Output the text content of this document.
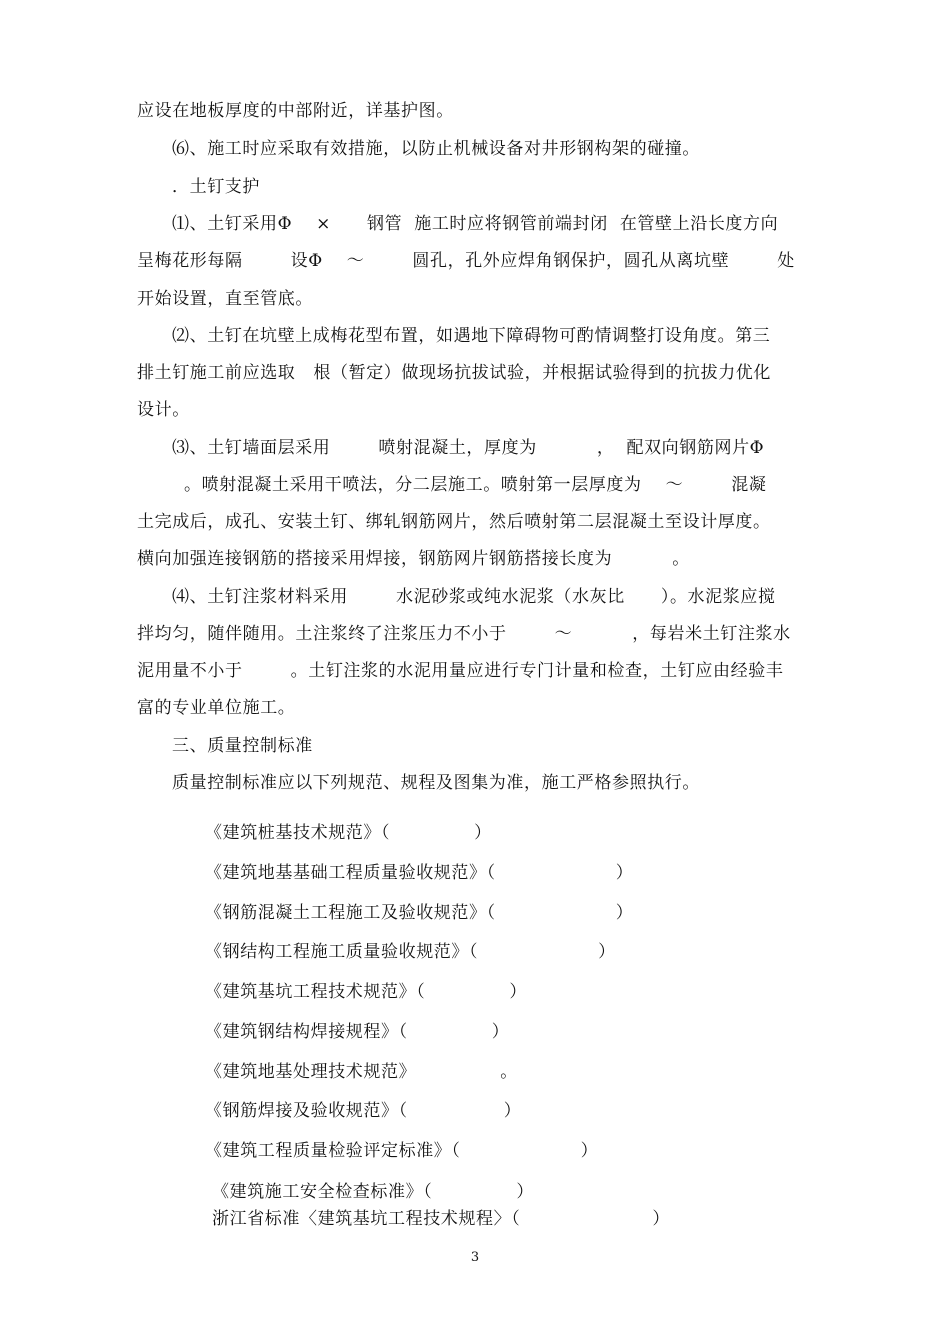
应设在地板厚度的中部附近，详基护图。
⑹、施工时应采取有效措施，以防止机械设备对井形钢构架的碰撞。
．土钉支护
⑴、土钉采用Φ    ×      钢管  施工时应将钢管前端封闭  在管壁上沿长度方向
呈梅花形每隔        设Φ    ～        圆孔，孔外应焊角钢保护，圆孔从离坑壁        处
开始设置，直至管底。
⑵、土钉在坑壁上成梅花型布置，如遇地下障碍物可酌情调整打设角度。第三
排土钉施工前应选取   根（暂定）做现场抗拔试验，并根据试验得到的抗拔力优化
设计。
⑶、土钉墙面层采用        喷射混凝土，厚度为          ，  配双向钢筋网片Φ
。喷射混凝土采用干喷法，分二层施工。喷射第一层厚度为    ～        混凝
土完成后，成孔、安装土钉、绑轧钢筋网片，然后喷射第二层混凝土至设计厚度。
横向加强连接钢筋的搭接采用焊接，钢筋网片钢筋搭接长度为          。
⑷、土钉注浆材料采用        水泥砂浆或纯水泥浆（水灰比      ）。水泥浆应搅
拌均匀，随伴随用。土注浆终了注浆压力不小于        ～          ，每岩米土钉注浆水
泥用量不小于        。土钉注浆的水泥用量应进行专门计量和检查，土钉应由经验丰
富的专业单位施工。
三、质量控制标准
质量控制标准应以下列规范、规程及图集为准，施工严格参照执行。
《建筑桩基技术规范》（              ）
《建筑地基基础工程质量验收规范》（                    ）
《钢筋混凝土工程施工及验收规范》（                    ）
《钢结构工程施工质量验收规范》（                    ）
《建筑基坑工程技术规范》（              ）
《建筑钢结构焊接规程》（              ）
《建筑地基处理技术规范》              。
《钢筋焊接及验收规范》（                ）
《建筑工程质量检验评定标准》（                    ）
《建筑施工安全检查标准》（              ）
浙江省标准〈建筑基坑工程技术规程〉（                      ）
3
